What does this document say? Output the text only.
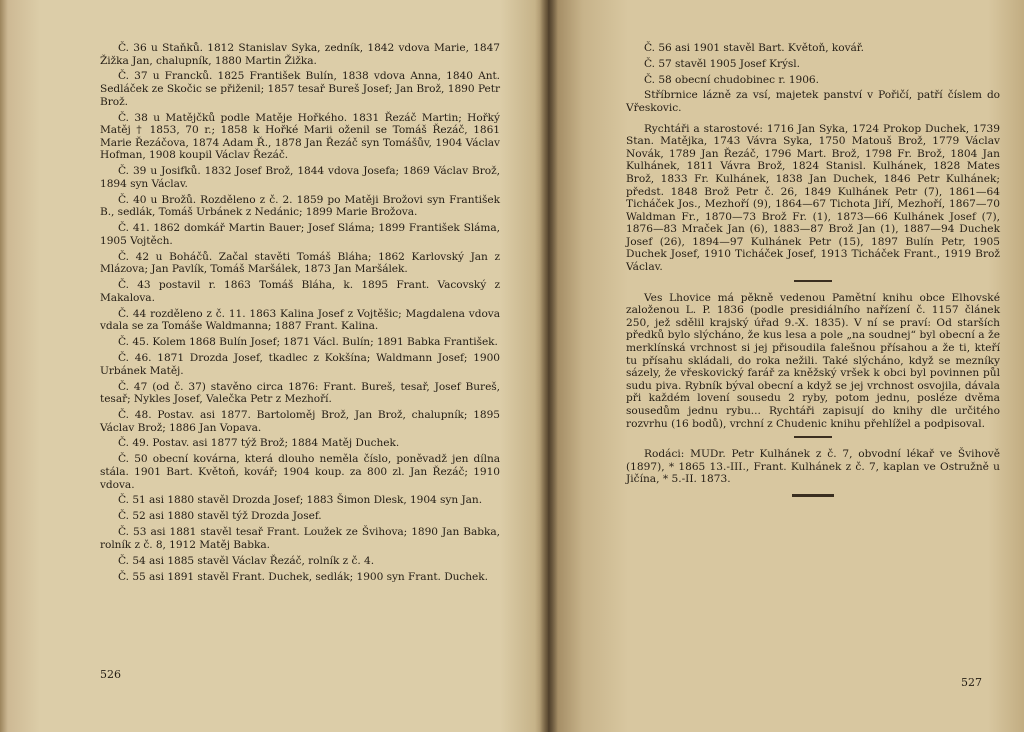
Č. 36 u Staňků. 1812 Stanislav Syka, zedník, 1842 vdova Marie, 1847 Žižka Jan, chalupník, 1880 Martin Žižka.

Č. 37 u Francků. 1825 František Bulín, 1838 vdova Anna, 1840 Ant. Sedláček ze Skočic se přiženil; 1857 tesař Bureš Josef; Jan Brož, 1890 Petr Brož.

Č. 38 u Matějčků podle Matěje Hořkého. 1831 Řezáč Martin; Hořký Matěj † 1853, 70 r.; 1858 k Hořké Marii oženil se Tomáš Řezáč, 1861 Marie Řezáčova, 1874 Adam Ř., 1878 Jan Řezáč syn Tomášův, 1904 Václav Hofman, 1908 koupil Václav Řezáč.

Č. 39 u Josifků. 1832 Josef Brož, 1844 vdova Josefa; 1869 Václav Brož, 1894 syn Václav.

Č. 40 u Brožů. Rozděleno z č. 2. 1859 po Matěji Brožovi syn František B., sedlák, Tomáš Urbánek z Nedánic; 1899 Marie Brožova.

Č. 41. 1862 domkář Martin Bauer; Josef Sláma; 1899 František Sláma, 1905 Vojtěch.

Č. 42 u Boháčů. Začal stavěti Tomáš Bláha; 1862 Karlovský Jan z Mlázova; Jan Pavlík, Tomáš Maršálek, 1873 Jan Maršálek.

Č. 43 postavil r. 1863 Tomáš Bláha, k. 1895 Frant. Vacovský z Makalova.

Č. 44 rozděleno z č. 11. 1863 Kalina Josef z Vojtěšic; Magdalena vdova vdala se za Tomáše Waldmanna; 1887 Frant. Kalina.

Č. 45. Kolem 1868 Bulín Josef; 1871 Václ. Bulín; 1891 Babka František.

Č. 46. 1871 Drozda Josef, tkadlec z Kokšína; Waldmann Josef; 1900 Urbánek Matěj.

Č. 47 (od č. 37) stavěno circa 1876: Frant. Bureš, tesař, Josef Bureš, tesař; Nykles Josef, Valečka Petr z Mezhoří.

Č. 48. Postav. asi 1877. Bartoloměj Brož, Jan Brož, chalupník; 1895 Václav Brož; 1886 Jan Vopava.

Č. 49. Postav. asi 1877 týž Brož; 1884 Matěj Duchek.

Č. 50 obecní kovárna, která dlouho neměla číslo, poněvadž jen dílna stála. 1901 Bart. Květoň, kovář; 1904 koup. za 800 zl. Jan Řezáč; 1910 vdova.

Č. 51 asi 1880 stavěl Drozda Josef; 1883 Šimon Dlesk, 1904 syn Jan.

Č. 52 asi 1880 stavěl týž Drozda Josef.

Č. 53 asi 1881 stavěl tesař Frant. Loužek ze Švihova; 1890 Jan Babka, rolník z č. 8, 1912 Matěj Babka.

Č. 54 asi 1885 stavěl Václav Řezáč, rolník z č. 4.

Č. 55 asi 1891 stavěl Frant. Duchek, sedlák; 1900 syn Frant. Duchek.

526

Č. 56 asi 1901 stavěl Bart. Květoň, kovář.

Č. 57 stavěl 1905 Josef Krýsl.

Č. 58 obecní chudobinec r. 1906.

Stříbrnice lázně za vsí, majetek panství v Pořičí, patří číslem do Vřeskovic.

Rychtáři a starostové: 1716 Jan Syka, 1724 Prokop Duchek, 1739 Stan. Matějka, 1743 Vávra Syka, 1750 Matouš Brož, 1779 Václav Novák, 1789 Jan Řezáč, 1796 Mart. Brož, 1798 Fr. Brož, 1804 Jan Kulhánek, 1811 Vávra Brož, 1824 Stanisl. Kulhánek, 1828 Mates Brož, 1833 Fr. Kulhánek, 1838 Jan Duchek, 1846 Petr Kulhánek; předst. 1848 Brož Petr č. 26, 1849 Kulhánek Petr (7), 1861—64 Ticháček Jos., Mezhoří (9), 1864—67 Tichota Jiří, Mezhoří, 1867—70 Waldman Fr., 1870—73 Brož Fr. (1), 1873—66 Kulhánek Josef (7), 1876—83 Mraček Jan (6), 1883—87 Brož Jan (1), 1887—94 Duchek Josef (26), 1894—97 Kulhánek Petr (15), 1897 Bulín Petr, 1905 Duchek Josef, 1910 Ticháček Josef, 1913 Ticháček Frant., 1919 Brož Václav.

Ves Lhovice má pěkně vedenou Pamětní knihu obce Elhovské založenou L. P. 1836 (podle presidiálního nařízení č. 1157 článek 250, jež sdělil krajský úřad 9.-X. 1835). V ní se praví: Od starších předků bylo slýcháno, že kus lesa a pole „na soudnej“ byl obecní a že merklínská vrchnost si jej přisoudila falešnou přísahou a že ti, kteří tu přísahu skládali, do roka nežili. Také slýcháno, když se mezníky sázely, že vřeskovický farář za kněžský vršek k obci byl povinnen půl sudu piva. Rybník býval obecní a když se jej vrchnost osvojila, dávala při každém lovení sousedu 2 ryby, potom jednu, posléze dvěma sousedům jednu rybu... Rychtáři zapisují do knihy dle určitého rozvrhu (16 bodů), vrchní z Chudenic knihu přehlížel a podpisoval.

Rodáci: MUDr. Petr Kulhánek z č. 7, obvodní lékař ve Švihově (1897), * 1865 13.-III., Frant. Kulhánek z č. 7, kaplan ve Ostružně u Jičína, * 5.-II. 1873.

527
